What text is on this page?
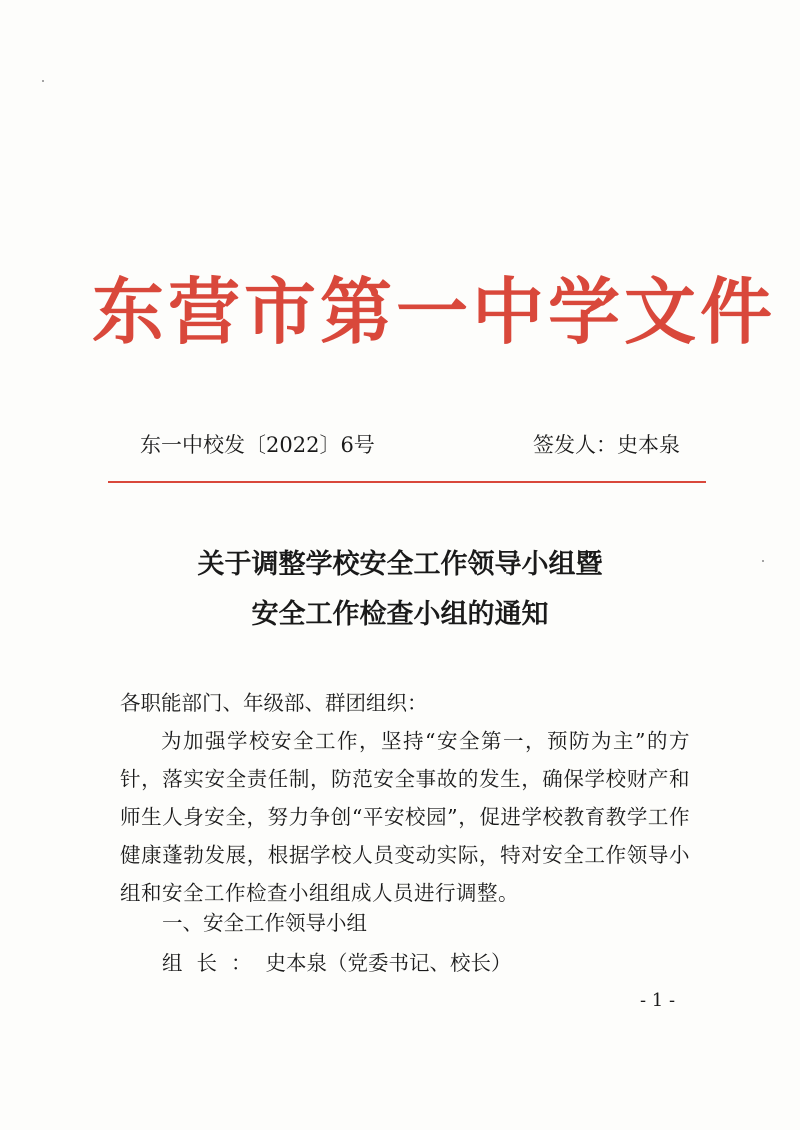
东营市第一中学文件
东一中校发〔2022〕6号	签发人：史本泉
关于调整学校安全工作领导小组暨
安全工作检查小组的通知
各职能部门、年级部、群团组织：
为加强学校安全工作，坚持“安全第一，预防为主”的方针，落实安全责任制，防范安全事故的发生，确保学校财产和师生人身安全，努力争创“平安校园”，促进学校教育教学工作健康蓬勃发展，根据学校人员变动实际，特对安全工作领导小组和安全工作检查小组组成人员进行调整。
一、安全工作领导小组
组长：史本泉（党委书记、校长）
- 1 -
